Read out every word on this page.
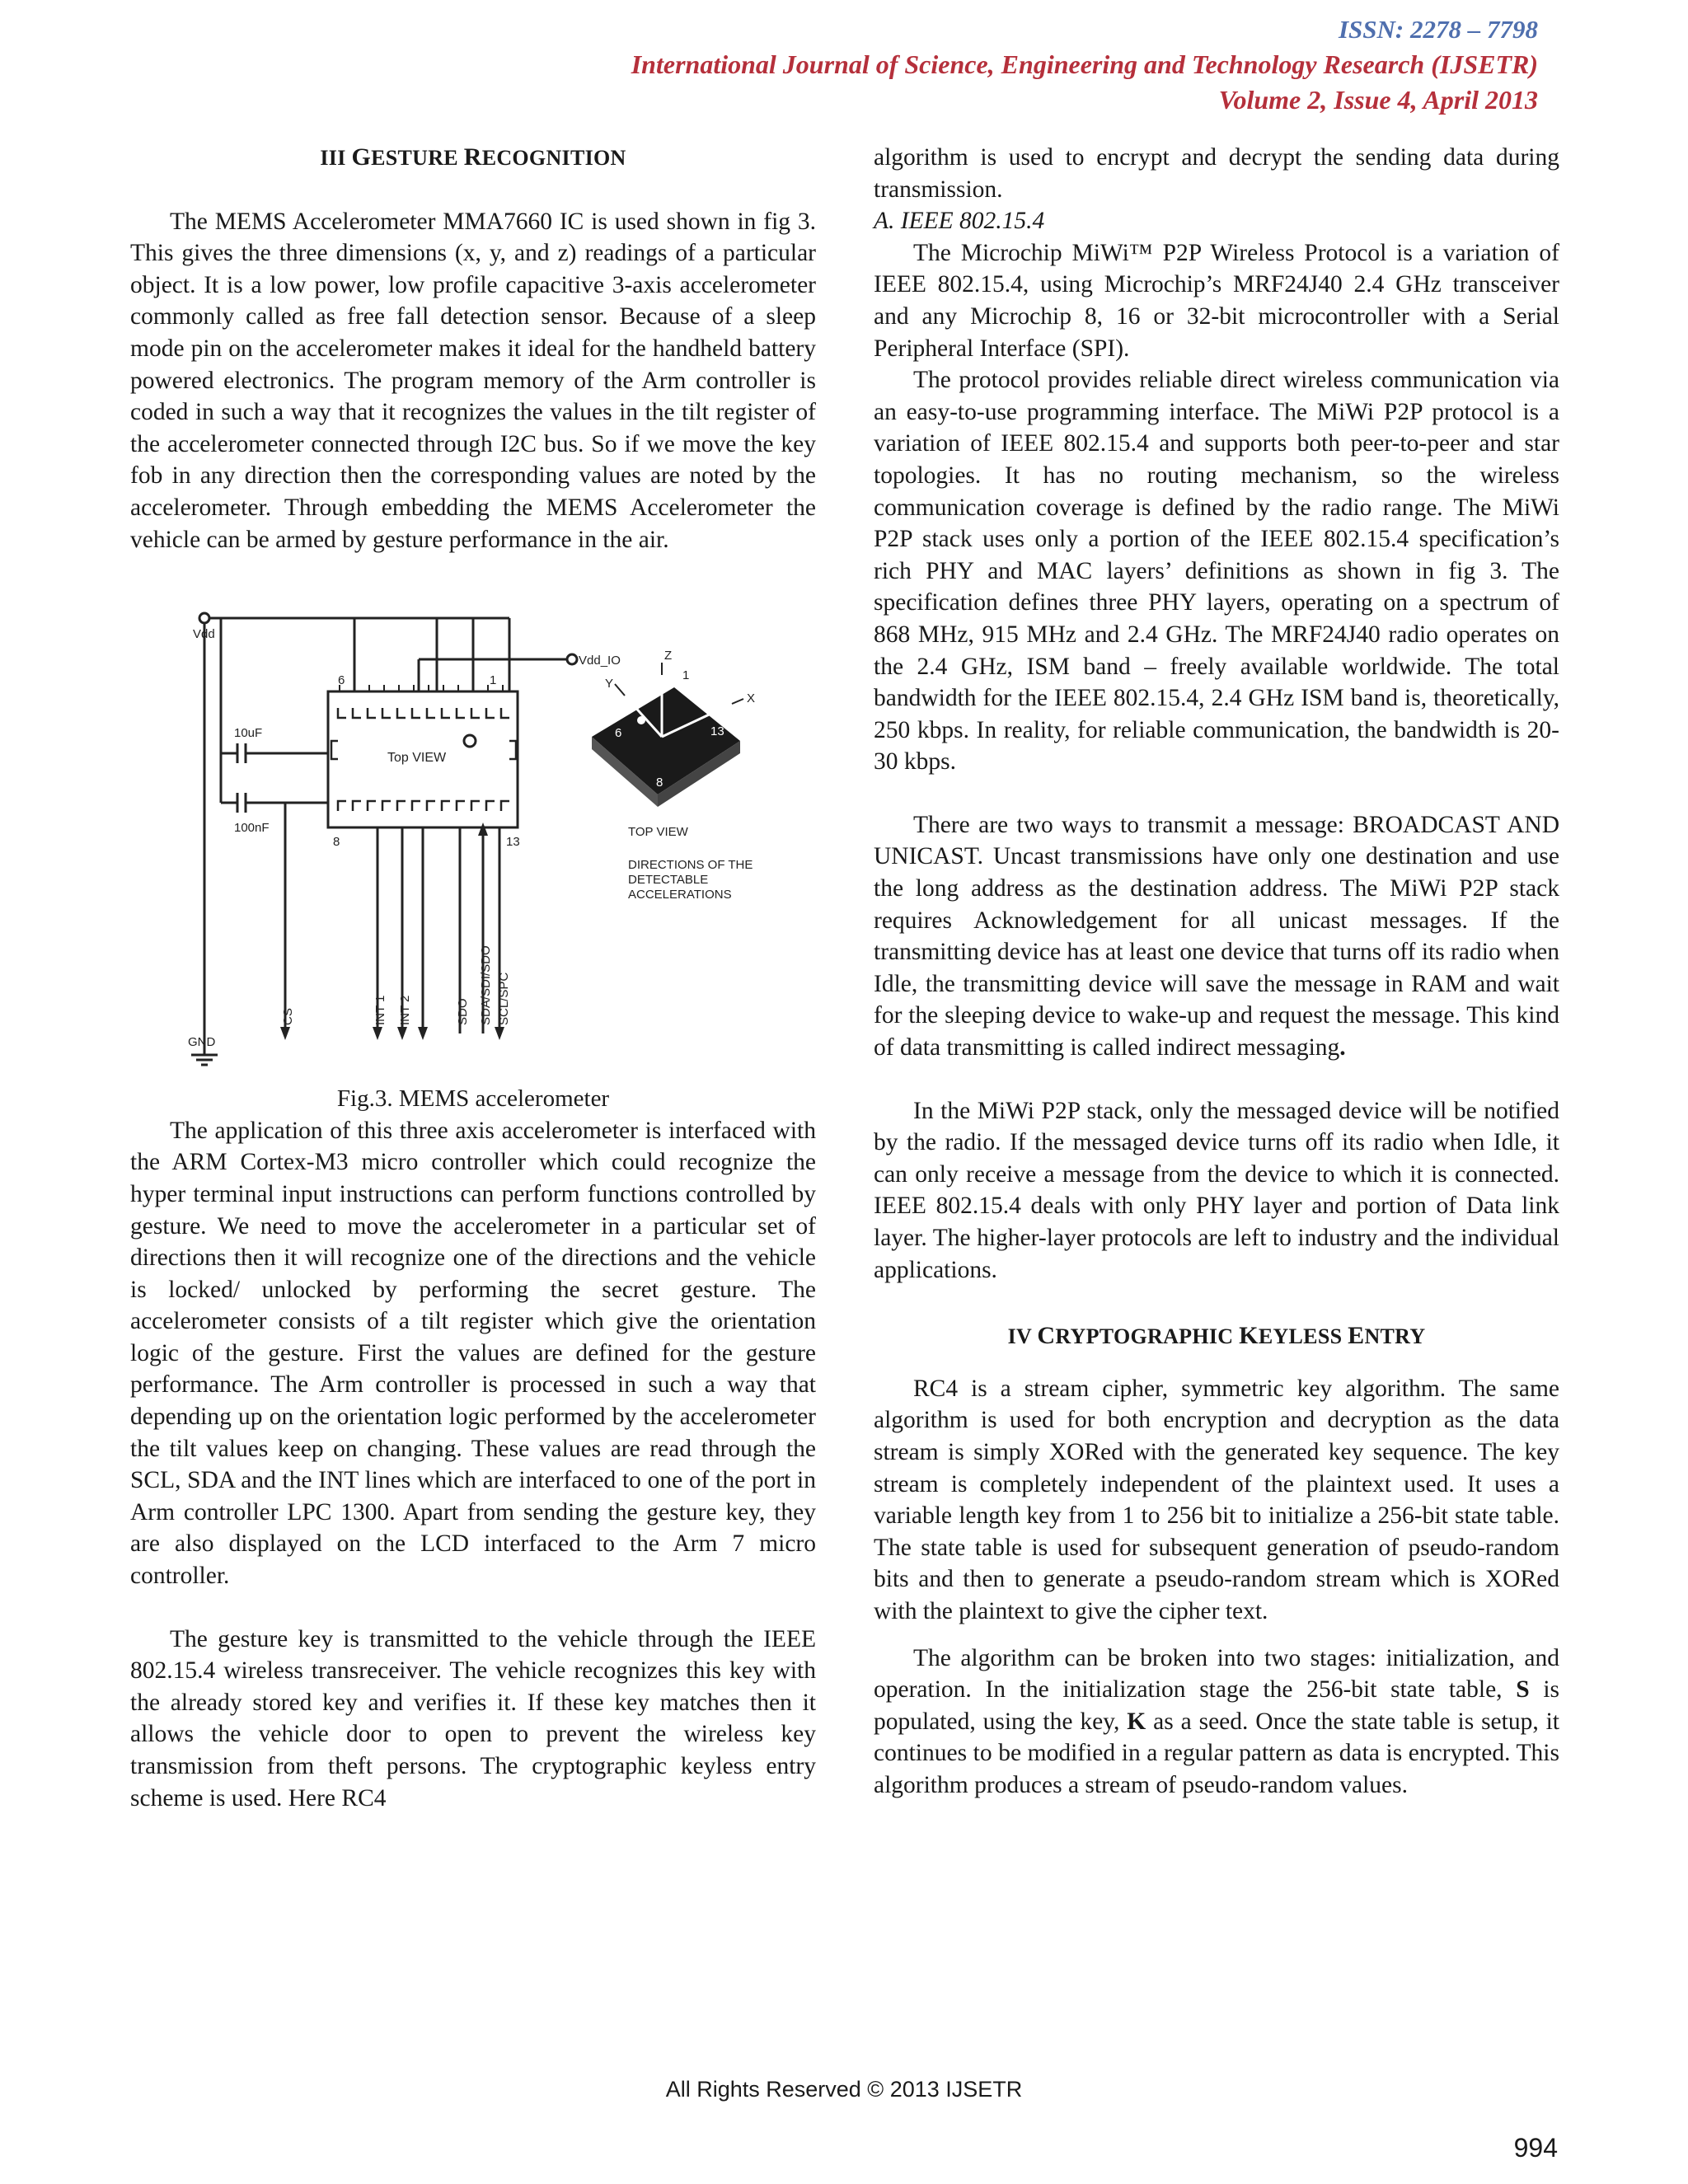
ISSN: 2278 – 7798
International Journal of Science, Engineering and Technology Research (IJSETR)
Volume 2, Issue 4, April 2013
III GESTURE RECOGNITION

The MEMS Accelerometer MMA7660 IC is used shown in fig 3. This gives the three dimensions (x, y, and z) readings of a particular object. It is a low power, low profile capacitive 3-axis accelerometer commonly called as free fall detection sensor. Because of a sleep mode pin on the accelerometer makes it ideal for the handheld battery powered electronics. The program memory of the Arm controller is coded in such a way that it recognizes the values in the tilt register of the accelerometer connected through I2C bus. So if we move the key fob in any direction then the corresponding values are noted by the accelerometer. Through embedding the MEMS Accelerometer the vehicle can be armed by gesture performance in the air.

Vdd
Vdd_IO
10uF
100nF
GND
Top VIEW
6	1
8	13
Z
Y
X
1
6
8
13
TOP VIEW
DIRECTIONS OF THE
DETECTABLE
ACCELERATIONS
CS	INT 1 INT 2	SDO SDA/SDI/SDO SCL/SPC

Fig.3. MEMS accelerometer

The application of this three axis accelerometer is interfaced with the ARM Cortex-M3 micro controller which could recognize the hyper terminal input instructions can perform functions controlled by gesture. We need to move the accelerometer in a particular set of directions then it will recognize one of the directions and the vehicle is locked/ unlocked by performing the secret gesture. The accelerometer consists of a tilt register which give the orientation logic of the gesture. First the values are defined for the gesture performance. The Arm controller is processed in such a way that depending up on the orientation logic performed by the accelerometer the tilt values keep on changing. These values are read through the SCL, SDA and the INT lines which are interfaced to one of the port in Arm controller LPC 1300. Apart from sending the gesture key, they are also displayed on the LCD interfaced to the Arm 7 micro controller.

The gesture key is transmitted to the vehicle through the IEEE 802.15.4 wireless transreceiver. The vehicle recognizes this key with the already stored key and verifies it. If these key matches then it allows the vehicle door to open to prevent the wireless key transmission from theft persons. The cryptographic keyless entry scheme is used. Here RC4

algorithm is used to encrypt and decrypt the sending data during transmission.

A. IEEE 802.15.4

The Microchip MiWi™ P2P Wireless Protocol is a variation of IEEE 802.15.4, using Microchip’s MRF24J40 2.4 GHz transceiver and any Microchip 8, 16 or 32-bit microcontroller with a Serial Peripheral Interface (SPI).

The protocol provides reliable direct wireless communication via an easy-to-use programming interface. The MiWi P2P protocol is a variation of IEEE 802.15.4 and supports both peer-to-peer and star topologies. It has no routing mechanism, so the wireless communication coverage is defined by the radio range. The MiWi P2P stack uses only a portion of the IEEE 802.15.4 specification’s rich PHY and MAC layers’ definitions as shown in fig 3. The specification defines three PHY layers, operating on a spectrum of 868 MHz, 915 MHz and 2.4 GHz. The MRF24J40 radio operates on the 2.4 GHz, ISM band – freely available worldwide. The total bandwidth for the IEEE 802.15.4, 2.4 GHz ISM band is, theoretically, 250 kbps. In reality, for reliable communication, the bandwidth is 20-30 kbps.

There are two ways to transmit a message: BROADCAST AND UNICAST. Uncast transmissions have only one destination and use the long address as the destination address. The MiWi P2P stack requires Acknowledgement for all unicast messages. If the transmitting device has at least one device that turns off its radio when Idle, the transmitting device will save the message in RAM and wait for the sleeping device to wake-up and request the message. This kind of data transmitting is called indirect messaging.

In the MiWi P2P stack, only the messaged device will be notified by the radio. If the messaged device turns off its radio when Idle, it can only receive a message from the device to which it is connected. IEEE 802.15.4 deals with only PHY layer and portion of Data link layer. The higher-layer protocols are left to industry and the individual applications.

IV CRYPTOGRAPHIC KEYLESS ENTRY

RC4 is a stream cipher, symmetric key algorithm. The same algorithm is used for both encryption and decryption as the data stream is simply XORed with the generated key sequence. The key stream is completely independent of the plaintext used. It uses a variable length key from 1 to 256 bit to initialize a 256-bit state table. The state table is used for subsequent generation of pseudo-random bits and then to generate a pseudo-random stream which is XORed with the plaintext to give the cipher text.

The algorithm can be broken into two stages: initialization, and operation. In the initialization stage the 256-bit state table, S is populated, using the key, K as a seed. Once the state table is setup, it continues to be modified in a regular pattern as data is encrypted. This algorithm produces a stream of pseudo-random values.

All Rights Reserved © 2013 IJSETR
994
